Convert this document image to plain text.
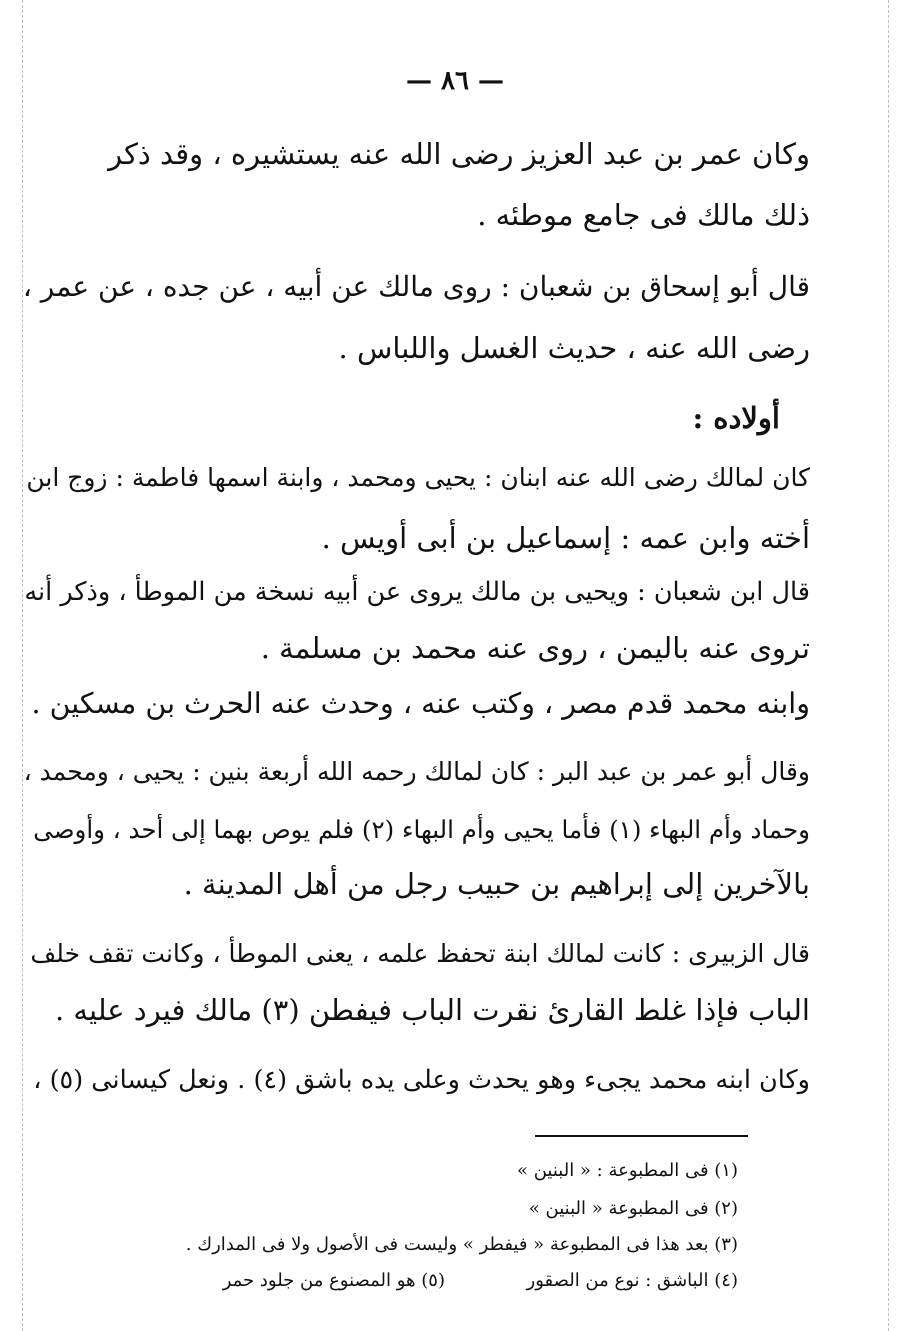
— ٨٦ —
وكان عمر بن عبد العزيز رضى الله عنه يستشيره ، وقد ذكر
ذلك مالك فى جامع موطئه .
قال أبو إسحاق بن شعبان : روى مالك عن أبيه ، عن جده ، عن عمر ،
رضى الله عنه ، حديث الغسل واللباس .
أولاده :
كان لمالك رضى الله عنه ابنان : يحيى ومحمد ، وابنة اسمها فاطمة : زوج ابن
أخته وابن عمه : إسماعيل بن أبى أويس .
قال ابن شعبان : ويحيى بن مالك يروى عن أبيه نسخة من الموطأ ، وذكر أنه
تروى عنه باليمن ، روى عنه محمد بن مسلمة .
وابنه محمد قدم مصر ، وكتب عنه ، وحدث عنه الحرث بن مسكين .
وقال أبو عمر بن عبد البر : كان لمالك رحمه الله أربعة بنين : يحيى ، ومحمد ،
وحماد وأم البهاء (١) فأما يحيى وأم البهاء (٢) فلم يوص بهما إلى أحد ، وأوصى
بالآخرين إلى إبراهيم بن حبيب رجل من أهل المدينة .
قال الزبيرى : كانت لمالك ابنة تحفظ علمه ، يعنى الموطأ ، وكانت تقف خلف
الباب فإذا غلط القارئ نقرت الباب فيفطن (٣) مالك فيرد عليه .
وكان ابنه محمد يجىء وهو يحدث وعلى يده باشق (٤) . ونعل كيسانى (٥) ،
(١) فى المطبوعة : « البنين »
(٢) فى المطبوعة « البنين »
(٣) بعد هذا فى المطبوعة « فيفطر » وليست فى الأصول ولا فى المدارك .
(٤) الباشق : نوع من الصقور
(٥) هو المصنوع من جلود حمر
